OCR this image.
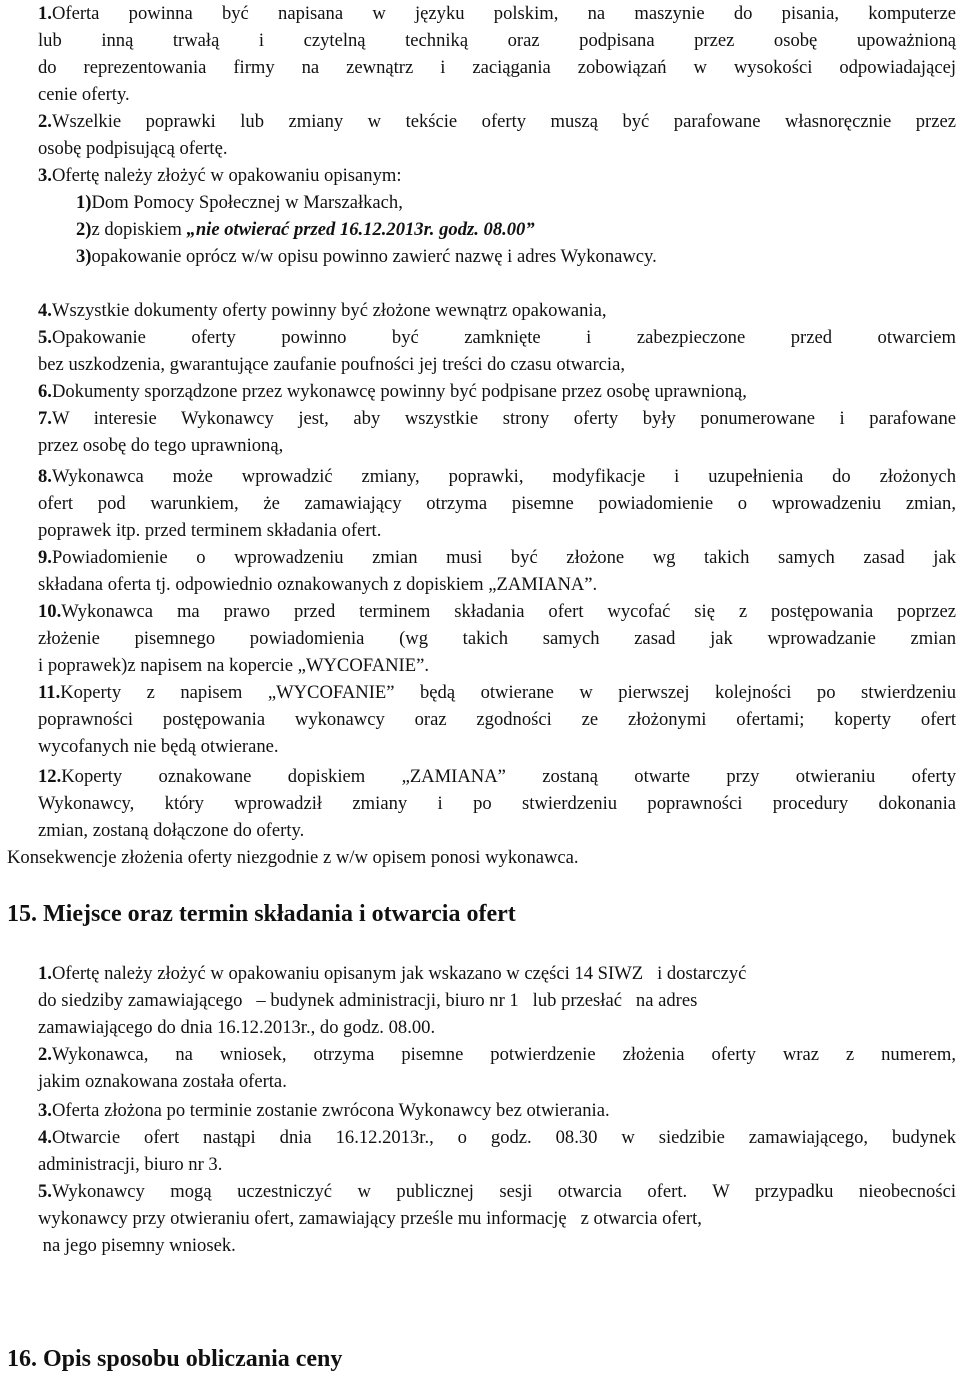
1.Oferta powinna być napisana w języku polskim, na maszynie do pisania, komputerze
lub inną trwałą i czytelną techniką oraz podpisana przez osobę upoważnioną
do reprezentowania firmy na zewnątrz i zaciągania zobowiązań w wysokości odpowiadającej
cenie oferty.
2.Wszelkie poprawki lub zmiany w tekście oferty muszą być parafowane własnoręcznie przez
osobę podpisującą ofertę.
3.Ofertę należy złożyć w opakowaniu opisanym:
1)Dom Pomocy Społecznej w Marszałkach,
2)z dopiskiem „nie otwierać przed 16.12.2013r. godz. 08.00”
3)opakowanie oprócz w/w opisu powinno zawierć nazwę i adres Wykonawcy.
4.Wszystkie dokumenty oferty powinny być złożone wewnątrz opakowania,
5.Opakowanie oferty powinno być zamknięte i zabezpieczone przed otwarciem
bez uszkodzenia, gwarantujące zaufanie poufności jej treści do czasu otwarcia,
6.Dokumenty sporządzone przez wykonawcę powinny być podpisane przez osobę uprawnioną,
7.W interesie Wykonawcy jest, aby wszystkie strony oferty były ponumerowane i parafowane
przez osobę do tego uprawnioną,
8.Wykonawca może wprowadzić zmiany, poprawki, modyfikacje i uzupełnienia do złożonych
ofert pod warunkiem, że zamawiający otrzyma pisemne powiadomienie o wprowadzeniu zmian,
poprawek itp. przed terminem składania ofert.
9.Powiadomienie o wprowadzeniu zmian musi być złożone wg takich samych zasad jak
składana oferta tj. odpowiednio oznakowanych z dopiskiem „ZAMIANA”.
10.Wykonawca ma prawo przed terminem składania ofert wycofać się z postępowania poprzez
złożenie pisemnego powiadomienia (wg takich samych zasad jak wprowadzanie zmian
i poprawek)z napisem na kopercie „WYCOFANIE”.
11.Koperty z napisem „WYCOFANIE” będą otwierane w pierwszej kolejności po stwierdzeniu
poprawności postępowania wykonawcy oraz zgodności ze złożonymi ofertami; koperty ofert
wycofanych nie będą otwierane.
12.Koperty oznakowane dopiskiem „ZAMIANA” zostaną otwarte przy otwieraniu oferty
Wykonawcy, który wprowadził zmiany i po stwierdzeniu poprawności procedury dokonania
zmian, zostaną dołączone do oferty.
Konsekwencje złożenia oferty niezgodnie z w/w opisem ponosi wykonawca.
15. Miejsce oraz termin składania i otwarcia ofert
1.Ofertę należy złożyć w opakowaniu opisanym jak wskazano w części 14 SIWZ   i dostarczyć
do siedziby zamawiającego   – budynek administracji, biuro nr 1   lub przesłać   na adres
zamawiającego do dnia 16.12.2013r., do godz. 08.00.
2.Wykonawca, na wniosek, otrzyma pisemne potwierdzenie złożenia oferty wraz z numerem,
jakim oznakowana została oferta.
3.Oferta złożona po terminie zostanie zwrócona Wykonawcy bez otwierania.
4.Otwarcie ofert nastąpi dnia 16.12.2013r., o godz. 08.30 w siedzibie zamawiającego, budynek
administracji, biuro nr 3.
5.Wykonawcy mogą uczestniczyć w publicznej sesji otwarcia ofert. W przypadku nieobecności
wykonawcy przy otwieraniu ofert, zamawiający prześle mu informację   z otwarcia ofert,
na jego pisemny wniosek.
16. Opis sposobu obliczania ceny
